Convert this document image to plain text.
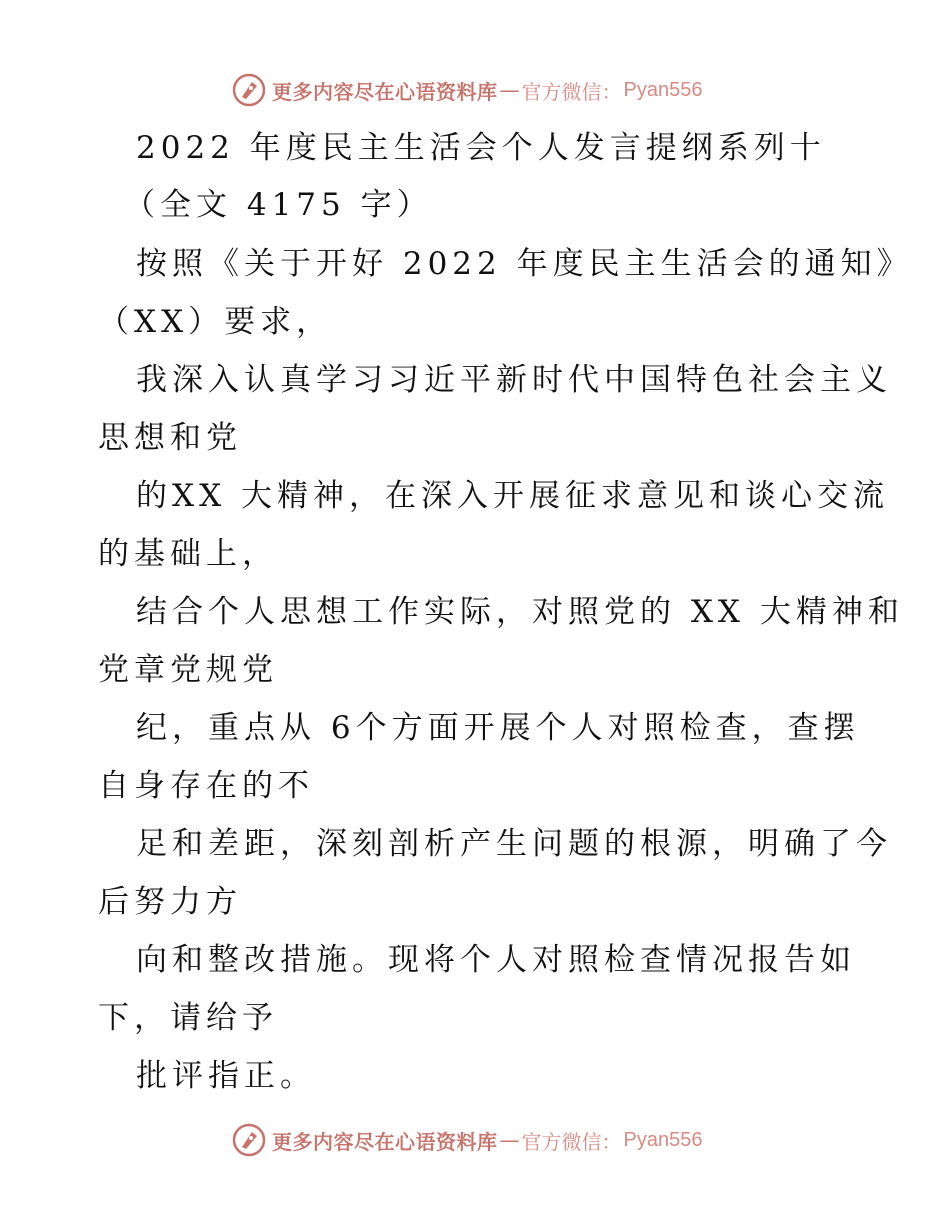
更多内容尽在心语资料库 — 官方微信： Pyan556
2022 年度民主生活会个人发言提纲系列十
（全文 4175 字）
按照《关于开好 2022 年度民主生活会的通知》
（XX）要求，
我深入认真学习习近平新时代中国特色社会主义
思想和党
的XX 大精神，在深入开展征求意见和谈心交流
的基础上，
结合个人思想工作实际，对照党的 XX 大精神和
党章党规党
纪，重点从 6个方面开展个人对照检查，查摆
自身存在的不
足和差距，深刻剖析产生问题的根源，明确了今
后努力方
向和整改措施。现将个人对照检查情况报告如
下，请给予
批评指正。
更多内容尽在心语资料库 — 官方微信： Pyan556
